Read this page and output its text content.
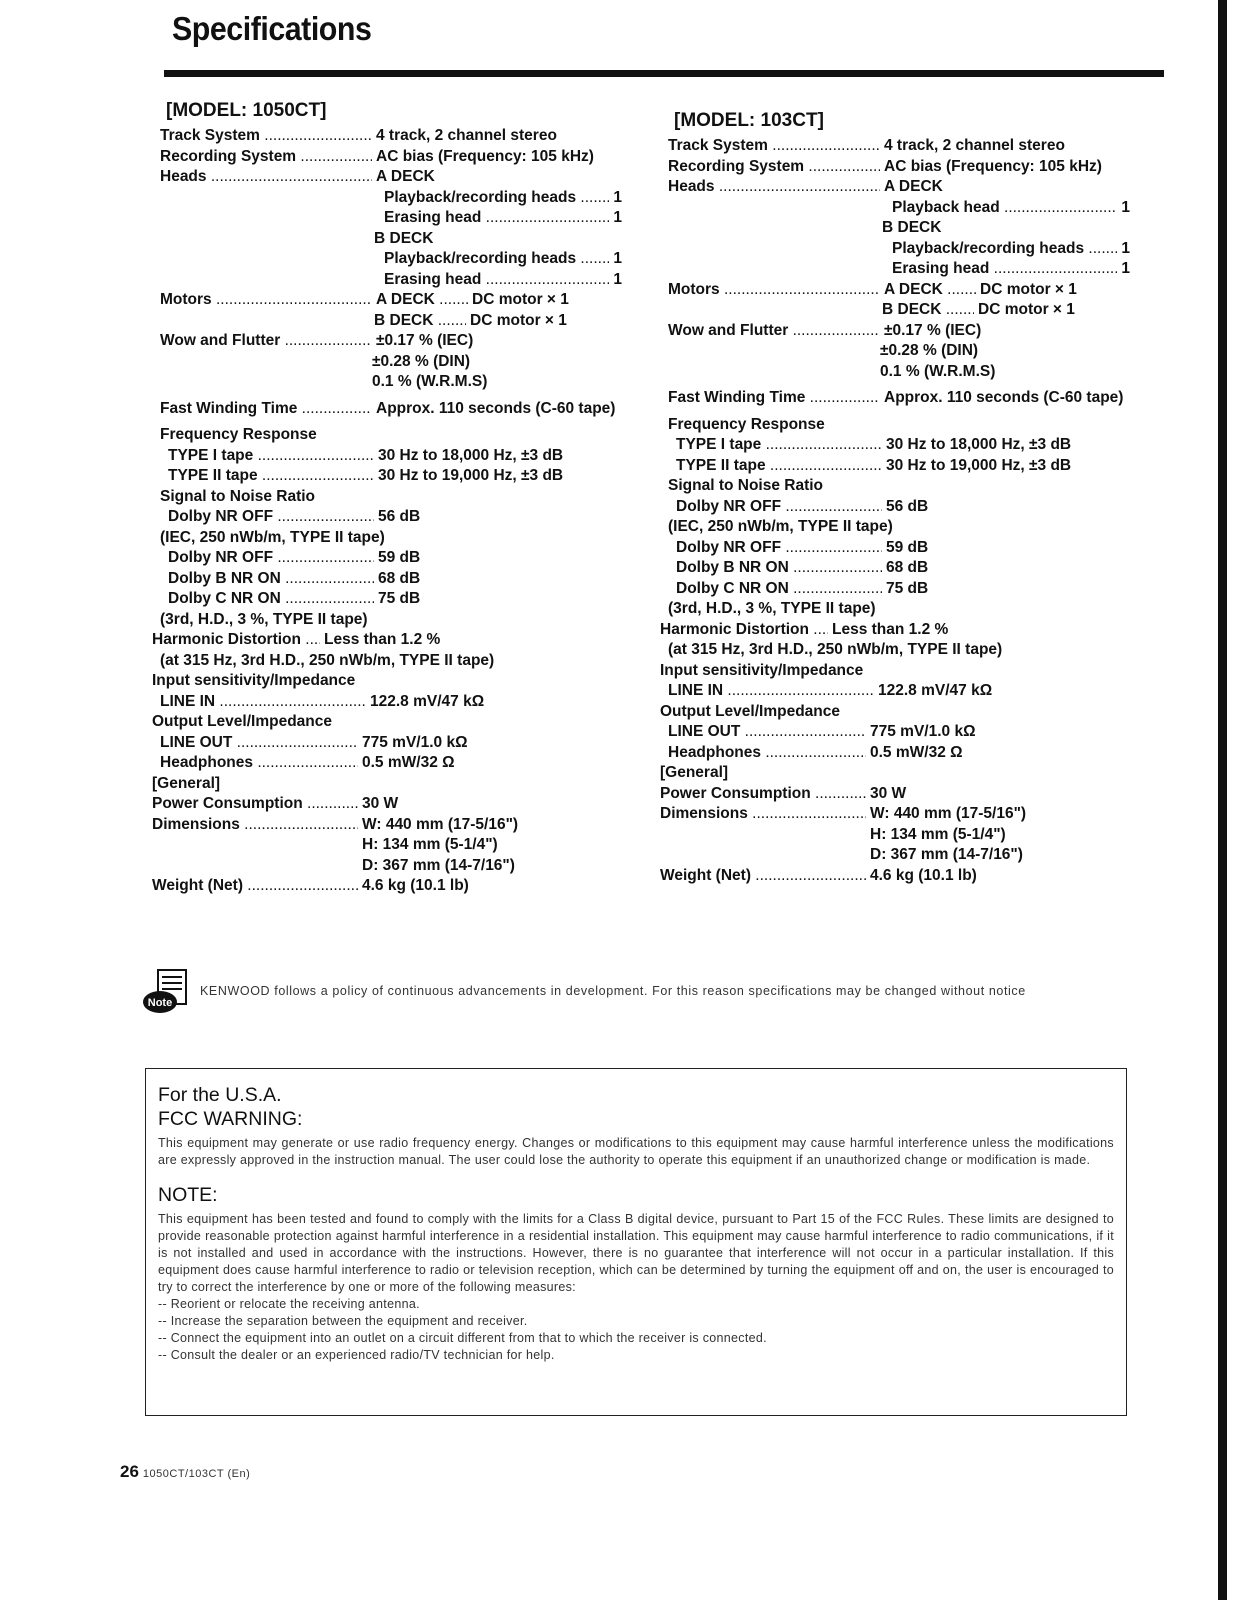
Specifications
[MODEL: 1050CT]
Track System .....	4 track, 2 channel stereo
Recording System .....	AC bias (Frequency: 105 kHz)
Heads .....	A DECK
Playback/recording heads .....	1
Erasing head .....	1
B DECK
Playback/recording heads .....	1
Erasing head .....	1
Motors .....	A DECK .....	DC motor × 1
B DECK .....	DC motor × 1
Wow and Flutter .....	±0.17 % (IEC)
±0.28 % (DIN)
0.1 % (W.R.M.S)
Fast Winding Time .....	Approx. 110 seconds (C-60 tape)
Frequency Response
TYPE I tape .....	30 Hz to 18,000 Hz, ±3 dB
TYPE II tape .....	30 Hz to 19,000 Hz, ±3 dB
Signal to Noise Ratio
Dolby NR OFF .....	56 dB
(IEC, 250 nWb/m, TYPE II tape)
Dolby NR OFF .....	59 dB
Dolby B NR ON .....	68 dB
Dolby C NR ON .....	75 dB
(3rd, H.D., 3 %, TYPE II tape)
Harmonic Distortion .....	Less than 1.2 %
(at 315 Hz, 3rd H.D., 250 nWb/m, TYPE II tape)
Input sensitivity/Impedance
LINE IN .....	122.8 mV/47 kΩ
Output Level/Impedance
LINE OUT .....	775 mV/1.0 kΩ
Headphones .....	0.5 mW/32 Ω
[General]
Power Consumption .....	30 W
Dimensions .....	W: 440 mm (17-5/16")
H: 134 mm (5-1/4")
D: 367 mm (14-7/16")
Weight (Net) .....	4.6 kg (10.1 lb)
[MODEL: 103CT]
Track System .....	4 track, 2 channel stereo
Recording System .....	AC bias (Frequency: 105 kHz)
Heads .....	A DECK
Playback head .....	1
B DECK
Playback/recording heads .....	1
Erasing head .....	1
Motors .....	A DECK .....	DC motor × 1
B DECK .....	DC motor × 1
Wow and Flutter .....	±0.17 % (IEC)
±0.28 % (DIN)
0.1 % (W.R.M.S)
Fast Winding Time .....	Approx. 110 seconds (C-60 tape)
Frequency Response
TYPE I tape .....	30 Hz to 18,000 Hz, ±3 dB
TYPE II tape .....	30 Hz to 19,000 Hz, ±3 dB
Signal to Noise Ratio
Dolby NR OFF .....	56 dB
(IEC, 250 nWb/m, TYPE II tape)
Dolby NR OFF .....	59 dB
Dolby B NR ON .....	68 dB
Dolby C NR ON .....	75 dB
(3rd, H.D., 3 %, TYPE II tape)
Harmonic Distortion .....	Less than 1.2 %
(at 315 Hz, 3rd H.D., 250 nWb/m, TYPE II tape)
Input sensitivity/Impedance
LINE IN .....	122.8 mV/47 kΩ
Output Level/Impedance
LINE OUT .....	775 mV/1.0 kΩ
Headphones .....	0.5 mW/32 Ω
[General]
Power Consumption .....	30 W
Dimensions .....	W: 440 mm (17-5/16")
H: 134 mm (5-1/4")
D: 367 mm (14-7/16")
Weight (Net) .....	4.6 kg (10.1 lb)
Note
KENWOOD follows a policy of continuous advancements in development. For this reason specifications may be changed without notice
For the U.S.A.
FCC WARNING:

This equipment may generate or use radio frequency energy. Changes or modifications to this equipment may cause harmful interference unless the modifications are expressly approved in the instruction manual. The user could lose the authority to operate this equipment if an unauthorized change or modification is made.

NOTE:

This equipment has been tested and found to comply with the limits for a Class B digital device, pursuant to Part 15 of the FCC Rules. These limits are designed to provide reasonable protection against harmful interference in a residential installation. This equipment may cause harmful interference to radio communications, if it is not installed and used in accordance with the instructions. However, there is no guarantee that interference will not occur in a particular installation. If this equipment does cause harmful interference to radio or television reception, which can be determined by turning the equipment off and on, the user is encouraged to try to correct the interference by one or more of the following measures:

-- Reorient or relocate the receiving antenna.
-- Increase the separation between the equipment and receiver.
-- Connect the equipment into an outlet on a circuit different from that to which the receiver is connected.
-- Consult the dealer or an experienced radio/TV technician for help.
26 1050CT/103CT (En)
